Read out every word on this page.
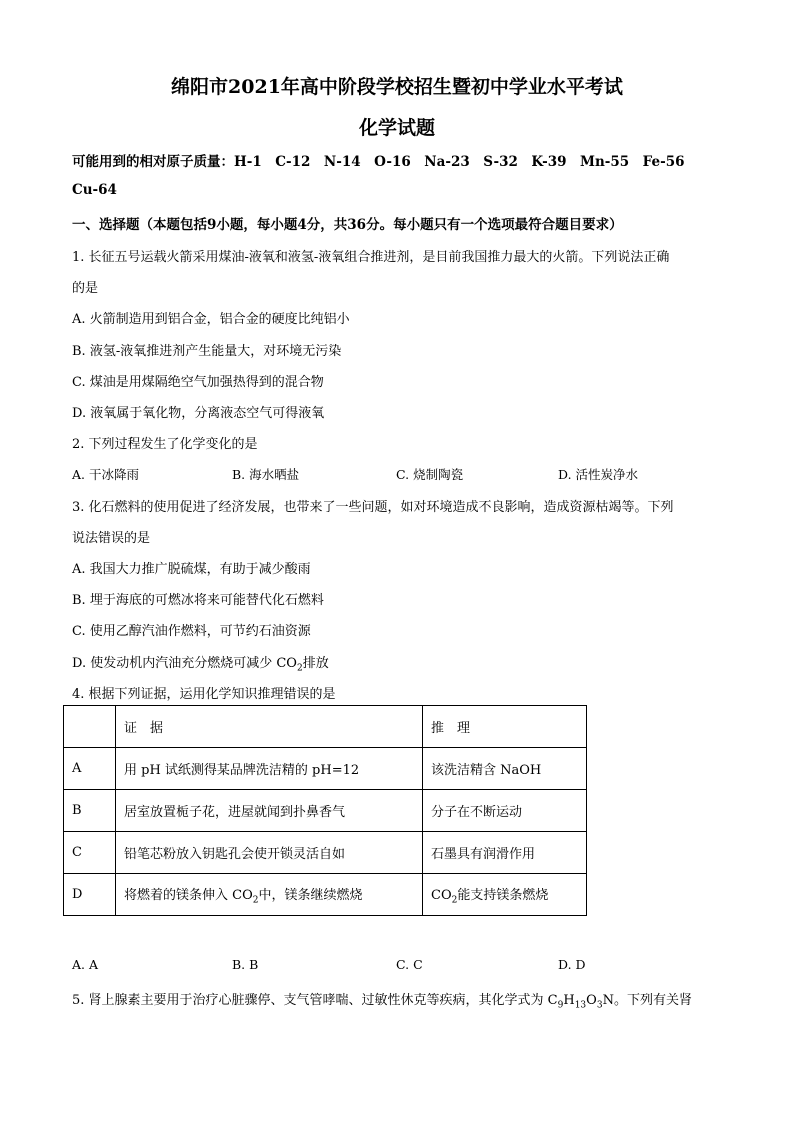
绵阳市2021年高中阶段学校招生暨初中学业水平考试
化学试题
可能用到的相对原子质量：H-1　C-12　N-14　O-16　Na-23　S-32　K-39　Mn-55　Fe-56
Cu-64
一、选择题（本题包括9小题，每小题4分，共36分。每小题只有一个选项最符合题目要求）
1. 长征五号运载火箭采用煤油-液氧和液氢-液氧组合推进剂，是目前我国推力最大的火箭。下列说法正确
的是
A. 火箭制造用到铝合金，铝合金的硬度比纯铝小
B. 液氢-液氧推进剂产生能量大，对环境无污染
C. 煤油是用煤隔绝空气加强热得到的混合物
D. 液氧属于氧化物，分离液态空气可得液氧
2. 下列过程发生了化学变化的是
A. 干冰降雨	B. 海水晒盐	C. 烧制陶瓷	D. 活性炭净水
3. 化石燃料的使用促进了经济发展，也带来了一些问题，如对环境造成不良影响，造成资源枯竭等。下列
说法错误的是
A. 我国大力推广脱硫煤，有助于减少酸雨
B. 埋于海底的可燃冰将来可能替代化石燃料
C. 使用乙醇汽油作燃料，可节约石油资源
D. 使发动机内汽油充分燃烧可减少 $CO_2$排放
4. 根据下列证据，运用化学知识推理错误的是
	证　据	推　理
A	用 pH 试纸测得某品牌洗洁精的 pH=12	该洗洁精含 NaOH
B	居室放置栀子花，进屋就闻到扑鼻香气	分子在不断运动
C	铅笔芯粉放入钥匙孔会使开锁灵活自如	石墨具有润滑作用
D	将燃着的镁条伸入 $CO_2$中，镁条继续燃烧	$CO_2$能支持镁条燃烧
A. A	B. B	C. C	D. D
5. 肾上腺素主要用于治疗心脏骤停、支气管哮喘、过敏性休克等疾病，其化学式为 $C_9H_{13}O_3N$。下列有关肾
